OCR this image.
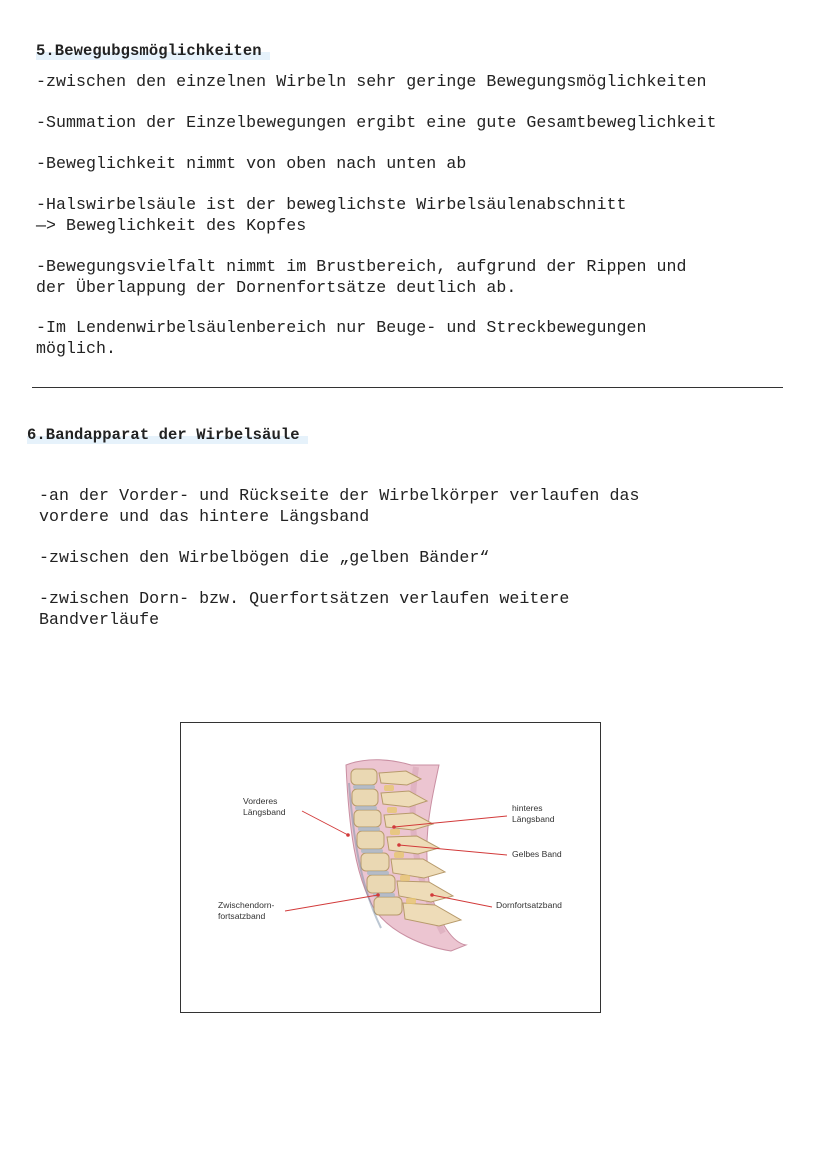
5.Bewegubgsmöglichkeiten

-zwischen den einzelnen Wirbeln sehr geringe Bewegungsmöglichkeiten

-Summation der Einzelbewegungen ergibt eine gute Gesamtbeweglichkeit

-Beweglichkeit nimmt von oben nach unten ab

-Halswirbelsäule ist der beweglichste Wirbelsäulenabschnitt
—> Beweglichkeit des Kopfes

-Bewegungsvielfalt nimmt im Brustbereich, aufgrund der Rippen und
der Überlappung der Dornenfortsätze deutlich ab.

-Im Lendenwirbelsäulenbereich nur Beuge- und Streckbewegungen
möglich.

6.Bandapparat der Wirbelsäule

-an der Vorder- und Rückseite der Wirbelkörper verlaufen das
vordere und das hintere Längsband

-zwischen den Wirbelbögen die „gelben Bänder“

-zwischen Dorn- bzw. Querfortsätzen verlaufen weitere
Bandverläufe

Vorderes
Längsband	hinteres
Längsband
Gelbes Band
Zwischendorn-
fortsatzband
Dornfortsatzband
